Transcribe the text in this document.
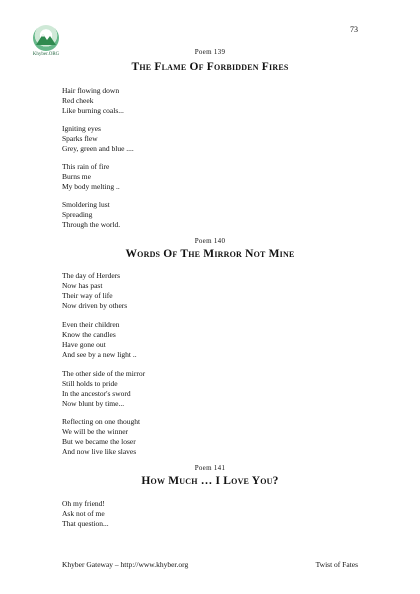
73
Khyber.ORG	Poem 139
The Flame Of Forbidden Fires
Hair flowing down
Red cheek
Like burning coals...
Igniting eyes
Sparks flew
Grey, green and blue ....
This rain of fire
Burns me
My body melting ..
Smoldering lust
Spreading
Through the world.
Poem 140
Words Of The Mirror Not Mine
The day of Herders
Now has past
Their way of life
Now driven by others
Even their children
Know the candles
Have gone out
And see by a new light ..
The other side of the mirror
Still holds to pride
In the ancestor's sword
Now blunt by time...
Reflecting on one thought
We will be the winner
But we became the loser
And now live like slaves
Poem 141
How Much … I Love You?
Oh my friend!
Ask not of me
That question...
Khyber Gateway – http://www.khyber.org	Twist of Fates
